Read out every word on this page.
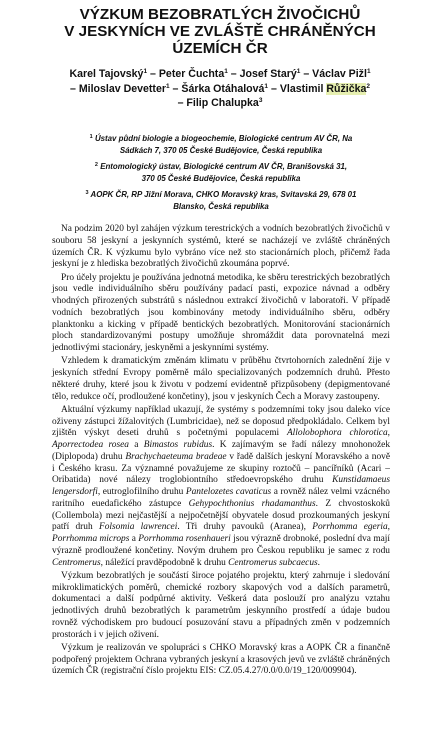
VÝZKUM BEZOBRATLÝCH ŽIVOČICHŮ
V JESKYNÍCH VE ZVLÁŠTĚ CHRÁNĚNÝCH
ÚZEMÍCH ČR
Karel Tajovský$^1$ – Peter Čuchta$^1$ – Josef Starý$^1$ – Václav Pižl$^1$
– Miloslav Devetter$^1$ – Šárka Otáhalová$^1$ – Vlastimil Růžička$^2$
– Filip Chalupka$^3$
$^1$ Ústav půdní biologie a biogeochemie, Biologické centrum AV ČR, Na
Sádkách 7, 370 05 České Budějovice, Česká republika
$^2$ Entomologický ústav, Biologické centrum AV ČR, Branišovská 31,
370 05 České Budějovice, Česká republika
$^3$ AOPK ČR, RP Jižní Morava, CHKO Moravský kras, Svitavská 29, 678 01
Blansko, Česká republika

Na podzim 2020 byl zahájen výzkum terestrických a vodních bezobratlých živočichů v souboru 58 jeskyní a jeskynních systémů, které se nacházejí ve zvláště chráněných územích ČR. K výzkumu bylo vybráno více než sto stacionárních ploch, přičemž řada jeskyní je z hlediska bezobratlých živočichů zkoumána poprvé.

Pro účely projektu je používána jednotná metodika, ke sběru terestrických bezobratlých jsou vedle individuálního sběru používány padací pasti, expozice návnad a odběry vhodných přirozených substrátů s následnou extrakcí živočichů v laboratoři. V případě vodních bezobratlých jsou kombinovány metody individuálního sběru, odběry planktonku a kicking v případě bentických bezobratlých. Monitorování stacionárních ploch standardizovanými postupy umožňuje shromáždit data porovnatelná mezi jednotlivými stacionáry, jeskyněmi a jeskynními systémy.

Vzhledem k dramatickým změnám klimatu v průběhu čtvrtohorních zalednění žije v jeskyních střední Evropy poměrně málo specializovaných podzemních druhů. Přesto některé druhy, které jsou k životu v podzemí evidentně přizpůsobeny (depigmentované tělo, redukce očí, prodloužené končetiny), jsou v jeskyních Čech a Moravy zastoupeny.

Aktuální výzkumy například ukazují, že systémy s podzemními toky jsou daleko více oživeny zástupci žížalovitých (Lumbricidae), než se doposud předpokládalo. Celkem byl zjištěn výskyt deseti druhů s početnými populacemi Allolobophora chlorotica, Aporrectodea rosea a Bimastos rubidus. K zajímavým se řadí nálezy mnohonožek (Diplopoda) druhu Brachychaeteuma bradeae v řadě dalších jeskyní Moravského a nově i Českého krasu. Za významné považujeme ze skupiny roztočů – pancířníků (Acari – Oribatida) nové nálezy troglobiontního středoevropského druhu Kunstidamaeus lengersdorfi, eutroglofilního druhu Pantelozetes cavaticus a rovněž nález velmi vzácného raritního euedafického zástupce Gehypochthonius rhadamanthus. Z chvostoskoků (Collembola) mezi nejčastější a nejpočetnější obyvatele dosud prozkoumaných jeskyní patří druh Folsomia lawrencei. Tři druhy pavouků (Aranea), Porrhomma egeria, Porrhomma microps a Porrhomma rosenhaueri jsou výrazně drobnoké, poslední dva mají výrazně prodloužené končetiny. Novým druhem pro Českou republiku je samec z rodu Centromerus, náležící pravděpodobně k druhu Centromerus subcaecus.

Výzkum bezobratlých je součástí široce pojatého projektu, který zahrnuje i sledování mikroklimatických poměrů, chemické rozbory skapových vod a dalších parametrů, dokumentaci a další podpůrné aktivity. Veškerá data poslouží pro analýzu vztahu jednotlivých druhů bezobratlých k parametrům jeskynního prostředí a údaje budou rovněž východiskem pro budoucí posuzování stavu a případných změn v podzemních prostorách i v jejich oživení.

Výzkum je realizován ve spolupráci s CHKO Moravský kras a AOPK ČR a finančně podpořený projektem Ochrana vybraných jeskyní a krasových jevů ve zvláště chráněných územích ČR (registrační číslo projektu EIS: CZ.05.4.27/0.0/0.0/19_120/009904).
